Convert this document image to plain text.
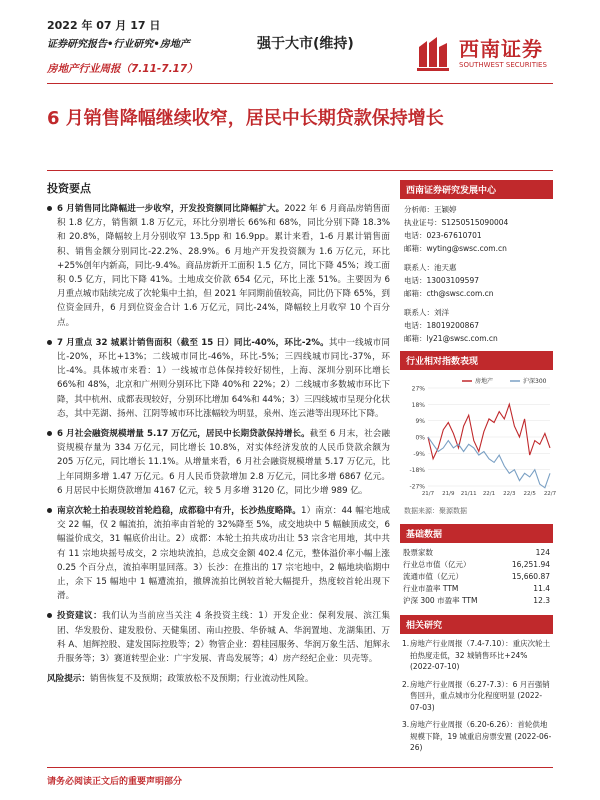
2022 年 07 月 17 日
证券研究报告•行业研究•房地产
房地产行业周报（7.11-7.17）
强于大市(维持)	西南证券
SOUTHWEST SECURITIES
6 月销售降幅继续收窄，居民中长期贷款保持增长
投资要点
6 月销售同比降幅进一步收窄，开发投资额同比降幅扩大。2022 年 6 月商品房销售面积 1.8 亿方，销售额 1.8 万亿元，环比分别增长 66%和 68%，同比分别下降 18.3%和 20.8%，降幅较上月分别收窄 13.5pp 和 16.9pp。累计来看，1-6 月累计销售面积、销售金额分别同比-22.2%、28.9%。6 月地产开发投资额为 1.6 万亿元，环比+25%创年内新高，同比-9.4%。商品房新开工面积 1.5 亿方，同比下降 45%；竣工面积 0.5 亿方，同比下降 41%。土地成交价款 654 亿元，环比上涨 51%。主要因为 6 月重点城市陆续完成了次轮集中土拍，但 2021 年同期前值较高，同比仍下降 65%，到位资金回升，6 月到位资金合计 1.6 万亿元，同比-24%，降幅较上月收窄 10 个百分点。
7 月重点 32 城累计销售面积（截至 15 日）同比-40%，环比-2%。其中一线城市同比-20%，环比+13%；二线城市同比-46%，环比-5%；三四线城市同比-37%，环比-4%。具体城市来看：1）一线城市总体保持较好韧性，上海、深圳分别环比增长 66%和 48%，北京和广州则分别环比下降 40%和 22%；2）二线城市多数城市环比下降，其中杭州、成都表现较好，分别环比增加 64%和 44%；3）三四线城市呈现分化状态，其中芜湖、扬州、江阴等城市环比涨幅较为明显，泉州、连云港等出现环比下降。
6 月社会融资规模增量 5.17 万亿元，居民中长期贷款保持增长。截至 6 月末，社会融资规模存量为 334 万亿元，同比增长 10.8%，对实体经济发放的人民币贷款余额为 205 万亿元，同比增长 11.1%。从增量来看，6 月社会融资规模增量 5.17 万亿元，比上年同期多增 1.47 万亿元。6 月人民币贷款增加 2.8 万亿元，同比多增 6867 亿元。6 月居民中长期贷款增加 4167 亿元，较 5 月多增 3120 亿，同比少增 989 亿。
南京次轮土拍表现较首轮趋稳，成都稳中有升，长沙热度略降。1）南京：44 幅宅地成交 22 幅，仅 2 幅流拍，流拍率由首轮的 32%降至 5%，成交地块中 5 幅触顶成交，6 幅溢价成交，31 幅底价出让。2）成都：本轮土拍共成功出让 53 宗含宅用地，其中共有 11 宗地块摇号成交，2 宗地块流拍，总成交金额 402.4 亿元，整体溢价率小幅上涨 0.25 个百分点，流拍率明显回落。3）长沙：在推出的 17 宗宅地中，2 幅地块临期中止，余下 15 幅地中 1 幅遭流拍，撤牌流拍比例较首轮大幅提升，热度较首轮出现下滑。
投资建议：我们认为当前应当关注 4 条投资主线：1）开发企业：保利发展、滨江集团、华发股份、建发股份、天健集团、南山控股、华侨城 A、华润置地、龙湖集团、万科 A、旭辉控股、建发国际控股等；2）物管企业：碧桂园服务、华润万象生活、旭辉永升服务等；3）赛道转型企业：广宇发展、青岛发展等；4）房产经纪企业：贝壳等。
风险提示：销售恢复不及预期；政策放松不及预期；行业流动性风险。
西南证券研究发展中心
分析师：王颖婷
执业证号：S1250515090004
电话：023-67610701
邮箱：wyting@swsc.com.cn
联系人：池天惠
电话：13003109597
邮箱：cth@swsc.com.cn
联系人：刘洋
电话：18019200867
邮箱：ly21@swsc.com.cn
行业相对指数表现
27%
18%
9%
0%
-9%
-18%
-27%
21/7 21/9 21/11 22/1 22/3 22/5 22/7
房地产	沪深300
数据来源：聚源数据
基础数据
股票家数	124
行业总市值（亿元）	16,251.94
流通市值（亿元）	15,660.87
行业市盈率 TTM	11.4
沪深 300 市盈率 TTM	12.3
相关研究
1. 房地产行业周报（7.4-7.10）：重庆次轮土拍热度走低，32 城销售环比+24% (2022-07-10)
2. 房地产行业周报（6.27-7.3）：6 月百强销售回升，重点城市分化程度明显 (2022-07-03)
3. 房地产行业周报（6.20-6.26）：首轮供地规模下降，19 城重启房票安置 (2022-06-26)
请务必阅读正文后的重要声明部分
